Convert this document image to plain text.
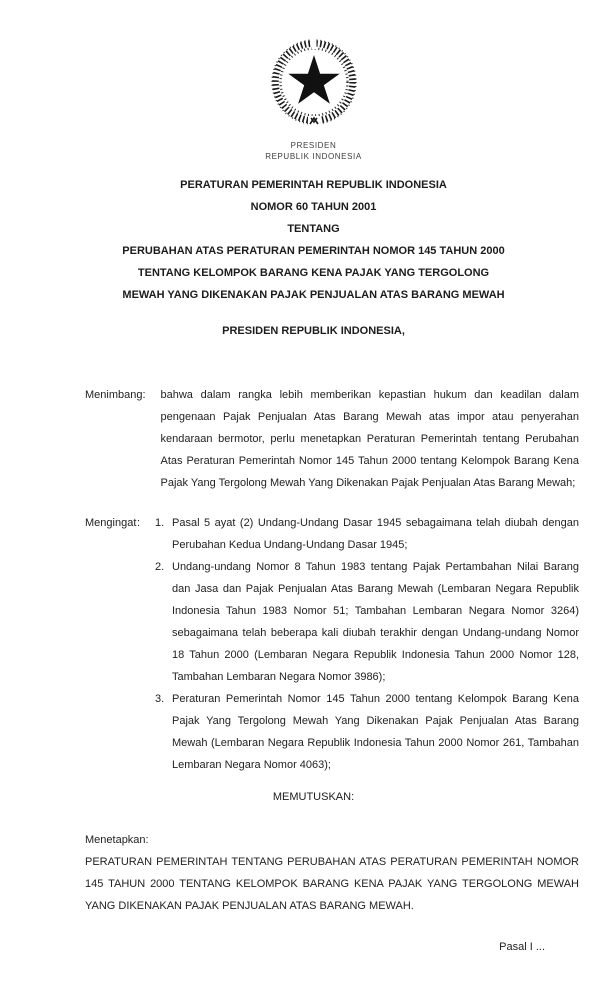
PRESIDEN
REPUBLIK INDONESIA
PERATURAN PEMERINTAH REPUBLIK INDONESIA
NOMOR 60 TAHUN 2001
TENTANG
PERUBAHAN ATAS PERATURAN PEMERINTAH NOMOR 145 TAHUN 2000
TENTANG KELOMPOK BARANG KENA PAJAK YANG TERGOLONG
MEWAH YANG DIKENAKAN PAJAK PENJUALAN ATAS BARANG MEWAH
PRESIDEN REPUBLIK INDONESIA,
Menimbang :	bahwa dalam rangka lebih memberikan kepastian hukum dan keadilan dalam pengenaan Pajak Penjualan Atas Barang Mewah atas impor atau penyerahan kendaraan bermotor, perlu menetapkan Peraturan Pemerintah tentang Perubahan Atas Peraturan Pemerintah Nomor 145 Tahun 2000 tentang Kelompok Barang Kena Pajak Yang Tergolong Mewah Yang Dikenakan Pajak Penjualan Atas Barang Mewah;
Mengingat :	1. Pasal 5 ayat (2) Undang-Undang Dasar 1945 sebagaimana telah diubah dengan Perubahan Kedua Undang-Undang Dasar 1945;
2. Undang-undang Nomor 8 Tahun 1983 tentang Pajak Pertambahan Nilai Barang dan Jasa dan Pajak Penjualan Atas Barang Mewah (Lembaran Negara Republik Indonesia Tahun 1983 Nomor 51; Tambahan Lembaran Negara Nomor 3264) sebagaimana telah beberapa kali diubah terakhir dengan Undang-undang Nomor 18 Tahun 2000 (Lembaran Negara Republik Indonesia Tahun 2000 Nomor 128, Tambahan Lembaran Negara Nomor 3986);
3. Peraturan Pemerintah Nomor 145 Tahun 2000 tentang Kelompok Barang Kena Pajak Yang Tergolong Mewah Yang Dikenakan Pajak Penjualan Atas Barang Mewah (Lembaran Negara Republik Indonesia Tahun 2000 Nomor 261, Tambahan Lembaran Negara Nomor 4063);
MEMUTUSKAN:
Menetapkan:
PERATURAN PEMERINTAH TENTANG PERUBAHAN ATAS PERATURAN PEMERINTAH NOMOR 145 TAHUN 2000 TENTANG KELOMPOK BARANG KENA PAJAK YANG TERGOLONG MEWAH YANG DIKENAKAN PAJAK PENJUALAN ATAS BARANG MEWAH.
Pasal I ...
